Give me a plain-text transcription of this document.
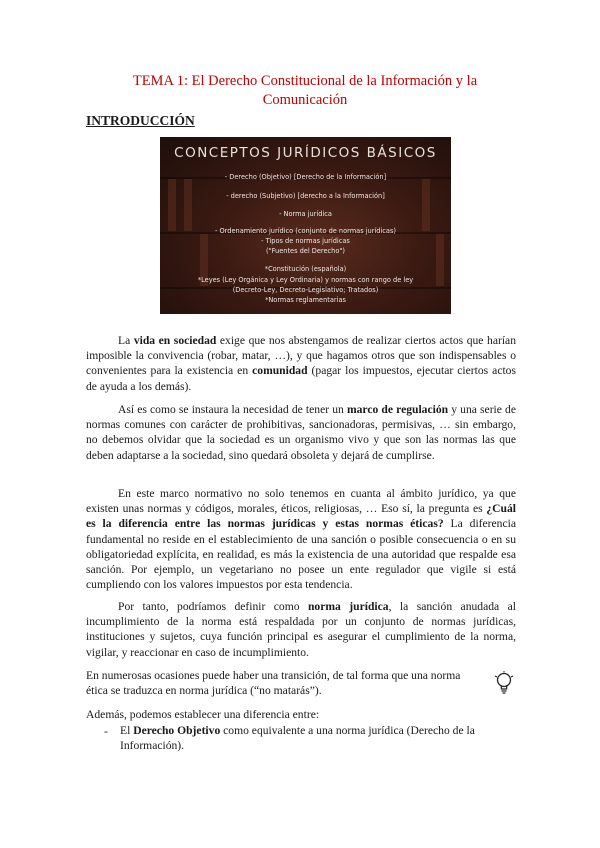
TEMA 1: El Derecho Constitucional de la Información y la Comunicación
INTRODUCCIÓN
CONCEPTOS JURÍDICOS BÁSICOS
- Derecho (Objetivo) [Derecho de la Información]
- derecho (Subjetivo) [derecho a la Información]
- Norma jurídica
- Ordenamiento jurídico (conjunto de normas jurídicas)
- Tipos de normas jurídicas
("Fuentes del Derecho")
*Constitución (española)
*Leyes (Ley Orgánica y Ley Ordinaria) y normas con rango de ley
(Decreto-Ley, Decreto-Legislativo; Tratados)
*Normas reglamentarias
La vida en sociedad exige que nos abstengamos de realizar ciertos actos que harían imposible la convivencia (robar, matar, …), y que hagamos otros que son indispensables o convenientes para la existencia en comunidad (pagar los impuestos, ejecutar ciertos actos de ayuda a los demás).
Así es como se instaura la necesidad de tener un marco de regulación y una serie de normas comunes con carácter de prohibitivas, sancionadoras, permisivas, … sin embargo, no debemos olvidar que la sociedad es un organismo vivo y que son las normas las que deben adaptarse a la sociedad, sino quedará obsoleta y dejará de cumplirse.
En este marco normativo no solo tenemos en cuanta al ámbito jurídico, ya que existen unas normas y códigos, morales, éticos, religiosas, … Eso sí, la pregunta es ¿Cuál es la diferencia entre las normas jurídicas y estas normas éticas? La diferencia fundamental no reside en el establecimiento de una sanción o posible consecuencia o en su obligatoriedad explícita, en realidad, es más la existencia de una autoridad que respalde esa sanción. Por ejemplo, un vegetariano no posee un ente regulador que vigile si está cumpliendo con los valores impuestos por esta tendencia.
Por tanto, podríamos definir como norma jurídica, la sanción anudada al incumplimiento de la norma está respaldada por un conjunto de normas jurídicas, instituciones y sujetos, cuya función principal es asegurar el cumplimiento de la norma, vigilar, y reaccionar en caso de incumplimiento.
En numerosas ocasiones puede haber una transición, de tal forma que una norma ética se traduzca en norma jurídica (“no matarás”).
Además, podemos establecer una diferencia entre:
- El Derecho Objetivo como equivalente a una norma jurídica (Derecho de la Información).
